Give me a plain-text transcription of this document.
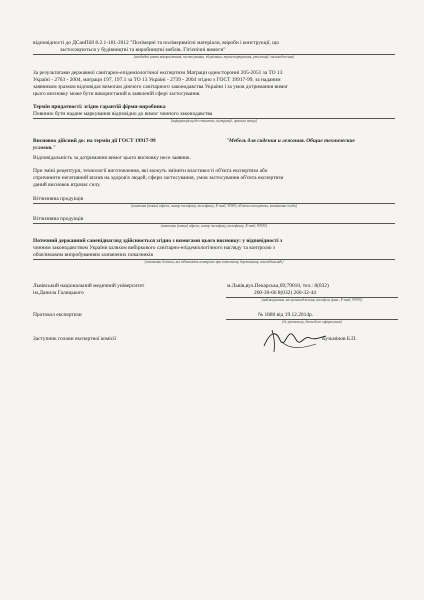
відповідності до ДСанПіН 8.2.1-181-2012 "Полімерні та полімервмісні матеріали, вироби і конструкції, що
застосовуються у будівництві та виробництві меблів. Гігієнічні вимоги"
(необхідні умови використання, застосування, зберігання, транспортування, утилізації, знешкодження)
За результатами державної санітарно-епідеміологічної експертизи Матраци односторонні 205-2051 за ТО 13
Україні - 2763 - 2004, матраци 197, 197.1 за ТО 13 Україні - 2739 - 2004 згідно з ГОСТ 19917-99, за наданим
заявником зразком відповідає вимогам діючого санітарного законодавства України і за умов дотримання вимог
цього висновку може бути використаний в заявленій сфері застосування.
Термін придатності: згідно гарантій фірми-виробника
Повинно бути надане маркування відповідно до вимог чинного законодавства
(інформація щодо етикетки, інструкції, правила тощо)
Висновок дійсний до: на термін дії ГОСТ 19917-99	"Мебель для сидения и лежания. Общие технические
условия."
Відповідальність за дотримання вимог цього висновку несе заявник.
При зміні рецептури, технології виготовлення, які можуть змінити властивості об'єкта експертизи або
спричинити негативний вплив на здоров'я людей, сфери застосування, умов застосування об'єкта експертизи
даний висновок втрачає силу.
Вітчизняна продукція
(поштова (повна) адреса, номер телефону, телефаксу, E-mail, WWW, об'єкта експертизи, контактні особи)
Вітчизняна продукція
(поштова (повна) адреса, номер телефону, телефаксу, E-mail, WWW)
Поточний державний санепіднагляд здійснюється згідно з вимогами цього висновку: у відповідності з
чинним законодавством України шляхом вибіркового санітарно-епідеміологічного нагляду та контролю з
обов'язковим випробуванням зазначених показників
(показники безпеки, які підлягають контролю при поточному державному санепіднагляді)
Львівський національний медичний університет
ім.Данила Галицького
м.Львів,вул.Пекарська,69;79010, тел.: 8(032)
260-30-66 8(032) 260-32-44
(найменування, місцезнаходження, телефон, факс, E-mail, WWW)
Протокол експертизи	№ 1880 від 19.12.2014р.
(№ протоколу, дата його оформлення)
Заступник голови експертної комісії	Кузьмінов Б.П.
